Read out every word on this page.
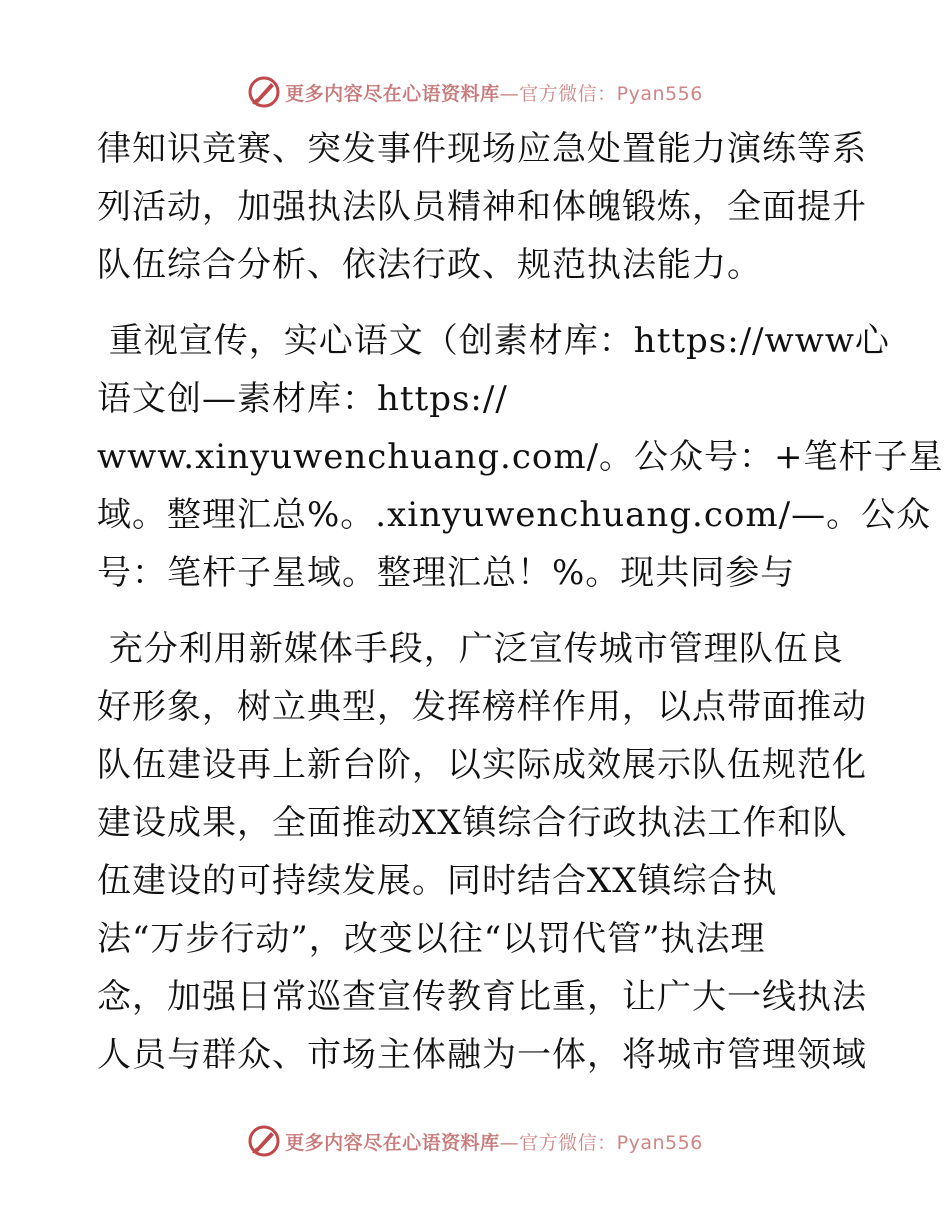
更多内容尽在心语资料库—官方微信：Pyan556
律知识竞赛、突发事件现场应急处置能力演练等系
列活动，加强执法队员精神和体魄锻炼，全面提升
队伍综合分析、依法行政、规范执法能力。
重视宣传，实心语文（创素材库：https://www心
语文创—素材库：https://
www.xinyuwenchuang.com/。公众号：+笔杆子星
域。整理汇总%。.xinyuwenchuang.com/—。公众
号：笔杆子星域。整理汇总！%。现共同参与
充分利用新媒体手段，广泛宣传城市管理队伍良
好形象，树立典型，发挥榜样作用，以点带面推动
队伍建设再上新台阶，以实际成效展示队伍规范化
建设成果，全面推动XX镇综合行政执法工作和队
伍建设的可持续发展。同时结合XX镇综合执
法“万步行动”，改变以往“以罚代管”执法理
念，加强日常巡查宣传教育比重，让广大一线执法
人员与群众、市场主体融为一体，将城市管理领域
更多内容尽在心语资料库—官方微信：Pyan556
